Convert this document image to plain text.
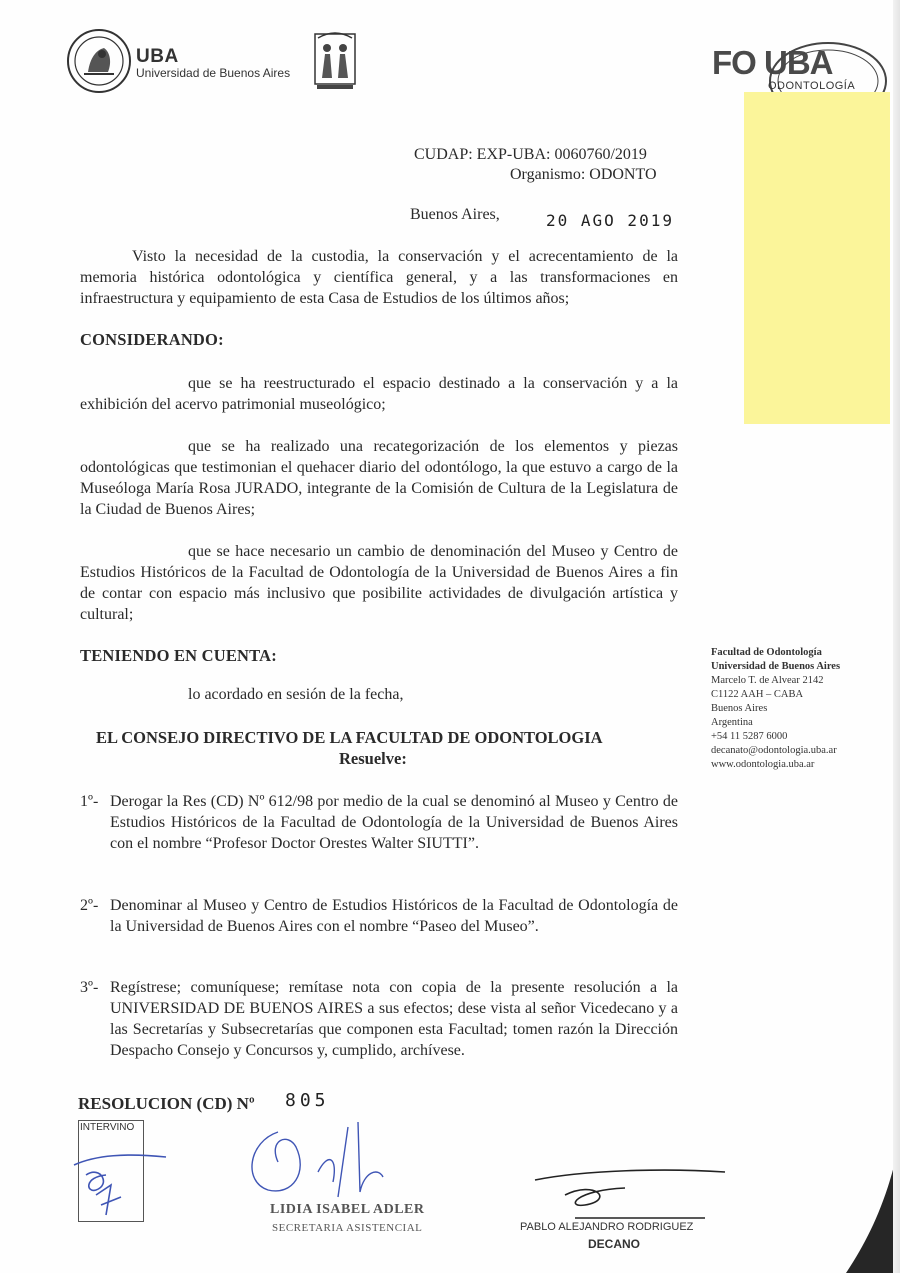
UBA
Universidad de Buenos Aires	FO UBA
ODONTOLOGÍA
CUDAP: EXP-UBA: 0060760/2019
Organismo: ODONTO
Buenos Aires,	20 AGO 2019
Visto la necesidad de la custodia, la conservación y el acrecentamiento de la memoria histórica odontológica y científica general, y a las transformaciones en infraestructura y equipamiento de esta Casa de Estudios de los últimos años;
CONSIDERANDO:
que se ha reestructurado el espacio destinado a la conservación y a la exhibición del acervo patrimonial museológico;
que se ha realizado una recategorización de los elementos y piezas odontológicas que testimonian el quehacer diario del odontólogo, la que estuvo a cargo de la Museóloga María Rosa JURADO, integrante de la Comisión de Cultura de la Legislatura de la Ciudad de Buenos Aires;
que se hace necesario un cambio de denominación del Museo y Centro de Estudios Históricos de la Facultad de Odontología de la Universidad de Buenos Aires a fin de contar con espacio más inclusivo que posibilite actividades de divulgación artística y cultural;
TENIENDO EN CUENTA:
lo acordado en sesión de la fecha,
EL CONSEJO DIRECTIVO DE LA FACULTAD DE ODONTOLOGIA
Resuelve:
1º- Derogar la Res (CD) Nº 612/98 por medio de la cual se denominó al Museo y Centro de Estudios Históricos de la Facultad de Odontología de la Universidad de Buenos Aires con el nombre “Profesor Doctor Orestes Walter SIUTTI”.
2º- Denominar al Museo y Centro de Estudios Históricos de la Facultad de Odontología de la Universidad de Buenos Aires con el nombre “Paseo del Museo”.
3º- Regístrese; comuníquese; remítase nota con copia de la presente resolución a la UNIVERSIDAD DE BUENOS AIRES a sus efectos; dese vista al señor Vicedecano y a las Secretarías y Subsecretarías que componen esta Facultad; tomen razón la Dirección Despacho Consejo y Concursos y, cumplido, archívese.
Facultad de Odontología
Universidad de Buenos Aires
Marcelo T. de Alvear 2142
C1122 AAH – CABA
Buenos Aires
Argentina
+54 11 5287 6000
decanato@odontologia.uba.ar
www.odontologia.uba.ar
RESOLUCION (CD) Nº 805
INTERVINO
LIDIA ISABEL ADLER
SECRETARIA ASISTENCIAL	PABLO ALEJANDRO RODRIGUEZ
DECANO
